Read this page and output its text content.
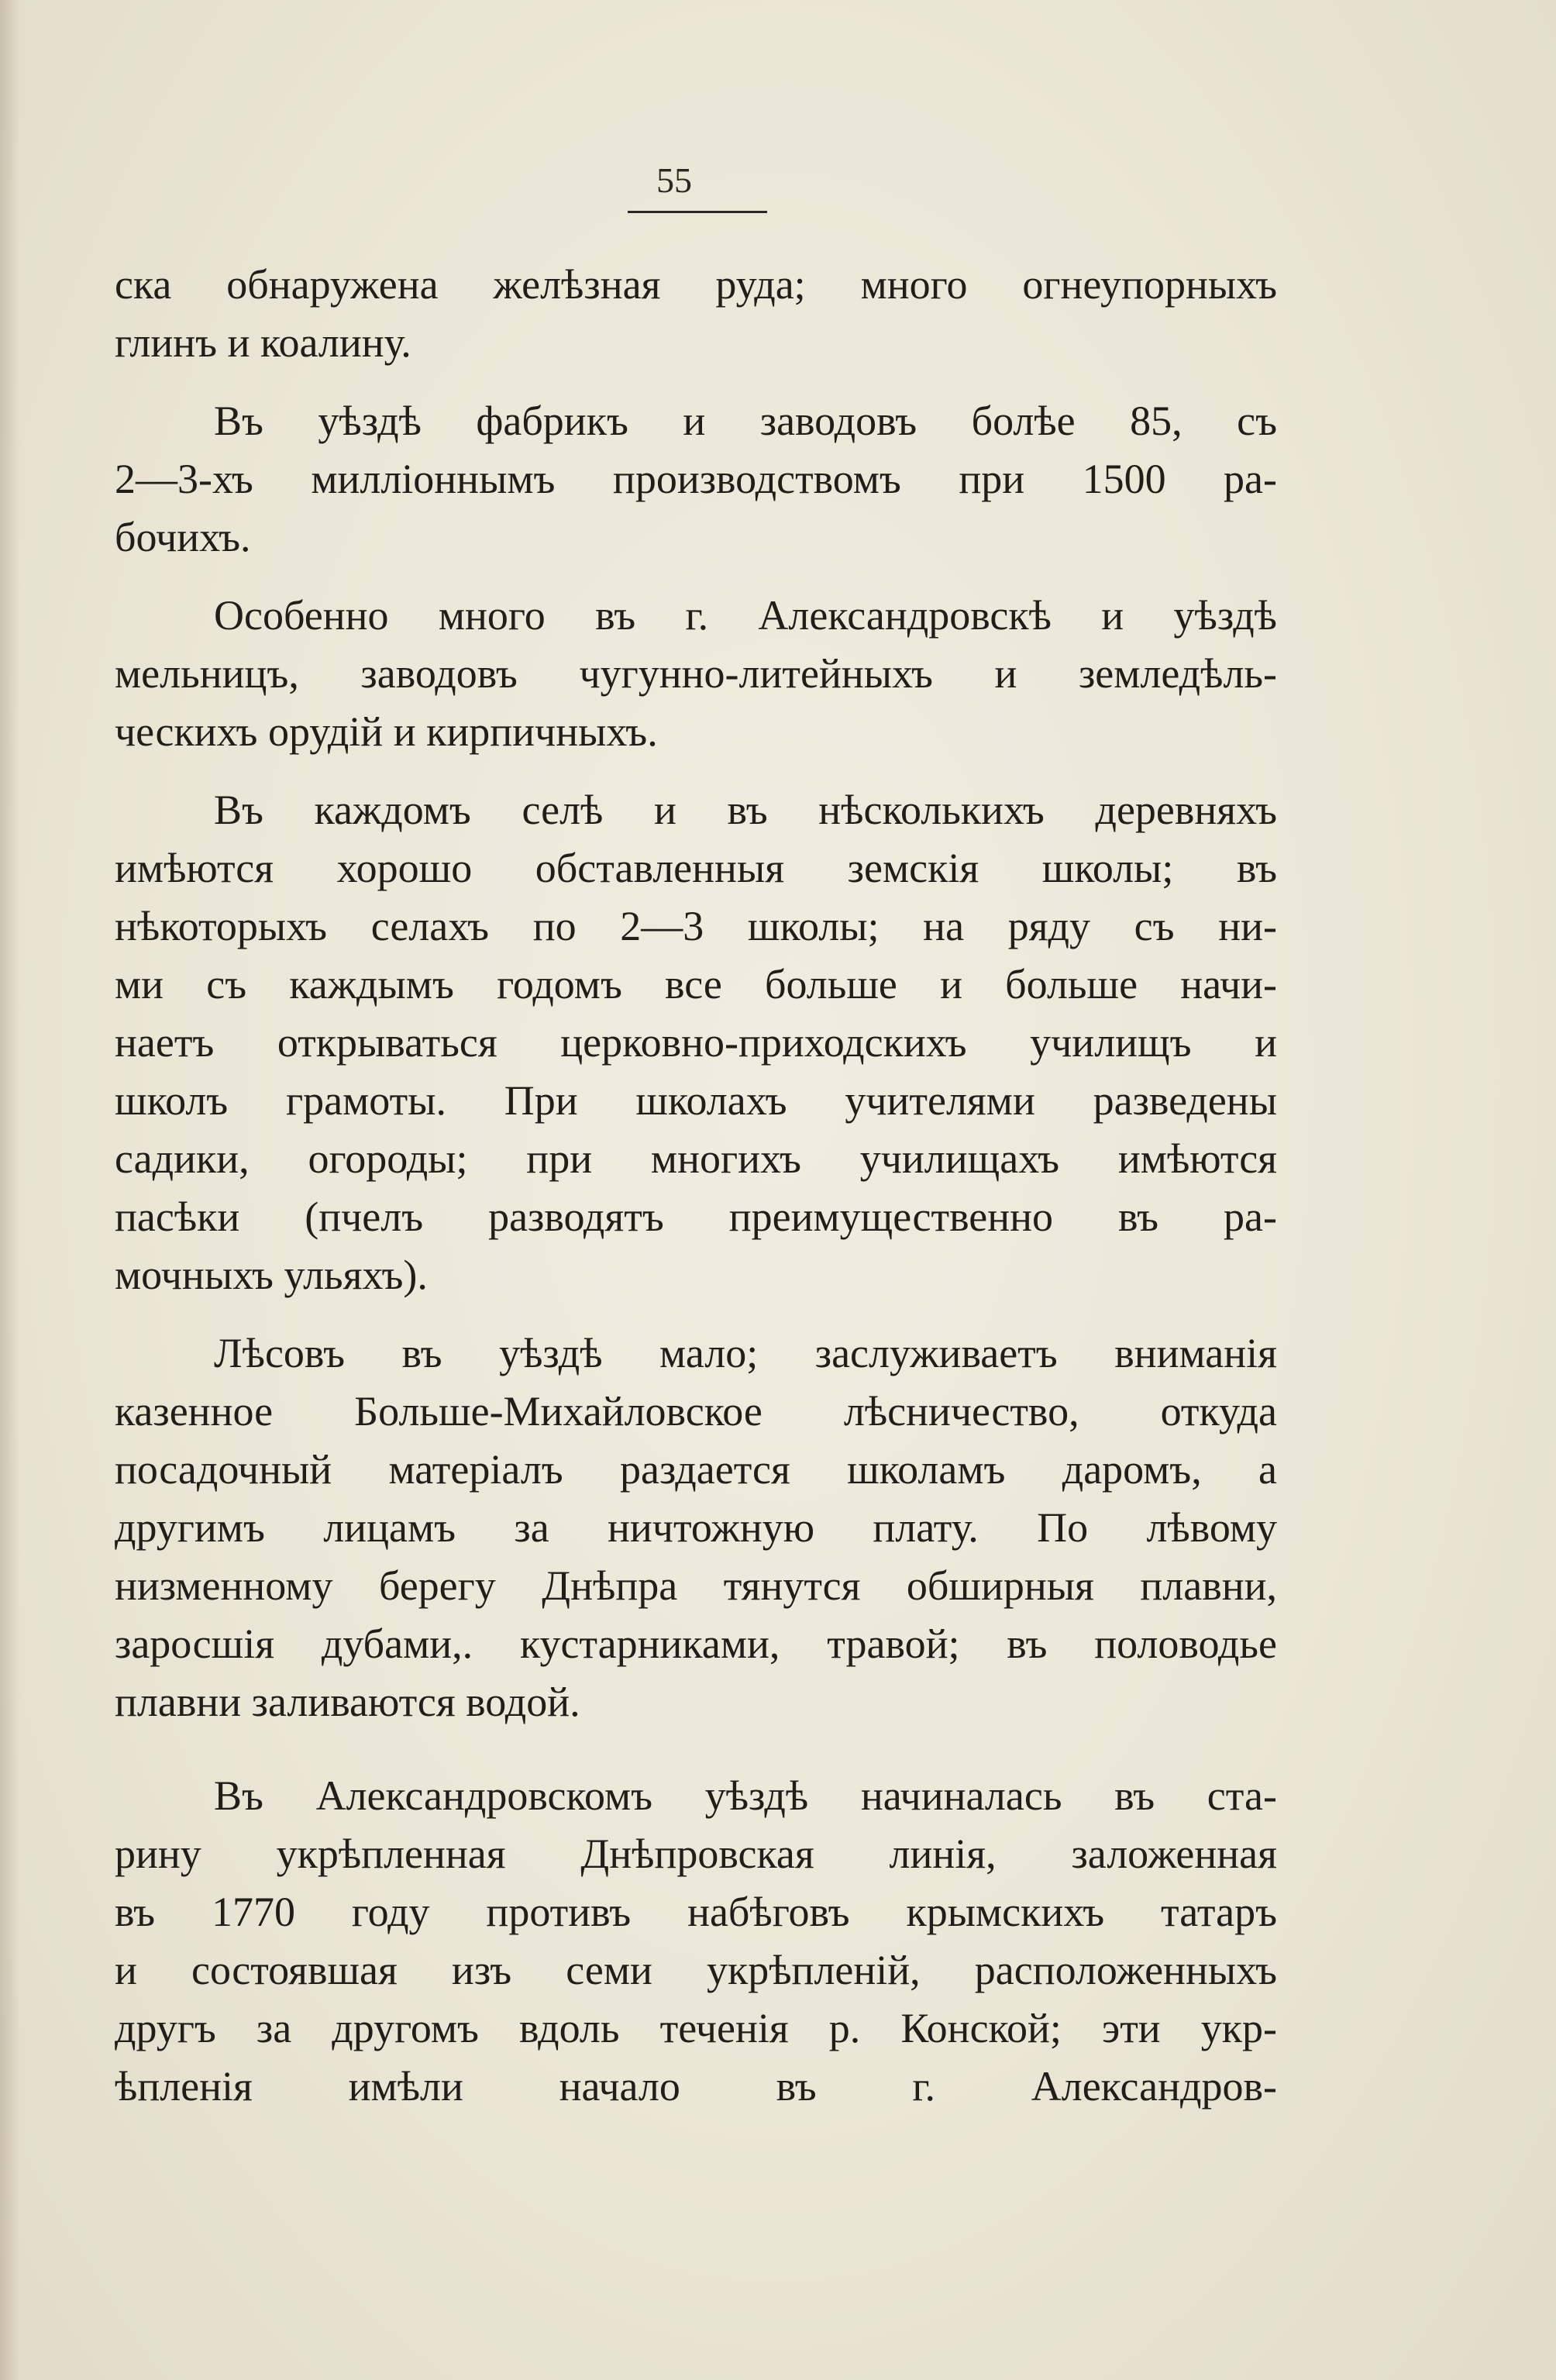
55
ска обнаружена желѣзная руда; много огнеупорныхъ
глинъ и коалину.
Въ уѣздѣ фабрикъ и заводовъ болѣе 85, съ
2—3-хъ милліоннымъ производствомъ при 1500 ра-
бочихъ.
Особенно много въ г. Александровскѣ и уѣздѣ
мельницъ, заводовъ чугунно-литейныхъ и земледѣль-
ческихъ орудій и кирпичныхъ.
Въ каждомъ селѣ и въ нѣсколькихъ деревняхъ
имѣются хорошо обставленныя земскія школы; въ
нѣкоторыхъ селахъ по 2—3 школы; на ряду съ ни-
ми съ каждымъ годомъ все больше и больше начи-
наетъ открываться церковно-приходскихъ училищъ и
школъ грамоты. При школахъ учителями разведены
садики, огороды; при многихъ училищахъ имѣются
пасѣки (пчелъ разводятъ преимущественно въ ра-
мочныхъ ульяхъ).
Лѣсовъ въ уѣздѣ мало; заслуживаетъ вниманія
казенное Больше-Михайловское лѣсничество, откуда
посадочный матеріалъ раздается школамъ даромъ, а
другимъ лицамъ за ничтожную плату. По лѣвому
низменному берегу Днѣпра тянутся обширныя плавни,
заросшія дубами,. кустарниками, травой; въ половодье
плавни заливаются водой.
Въ Александровскомъ уѣздѣ начиналась въ ста-
рину укрѣпленная Днѣпровская линія, заложенная
въ 1770 году противъ набѣговъ крымскихъ татаръ
и состоявшая изъ семи укрѣпленій, расположенныхъ
другъ за другомъ вдоль теченія р. Конской; эти укр-
ѣпленія имѣли начало въ г. Александров-
